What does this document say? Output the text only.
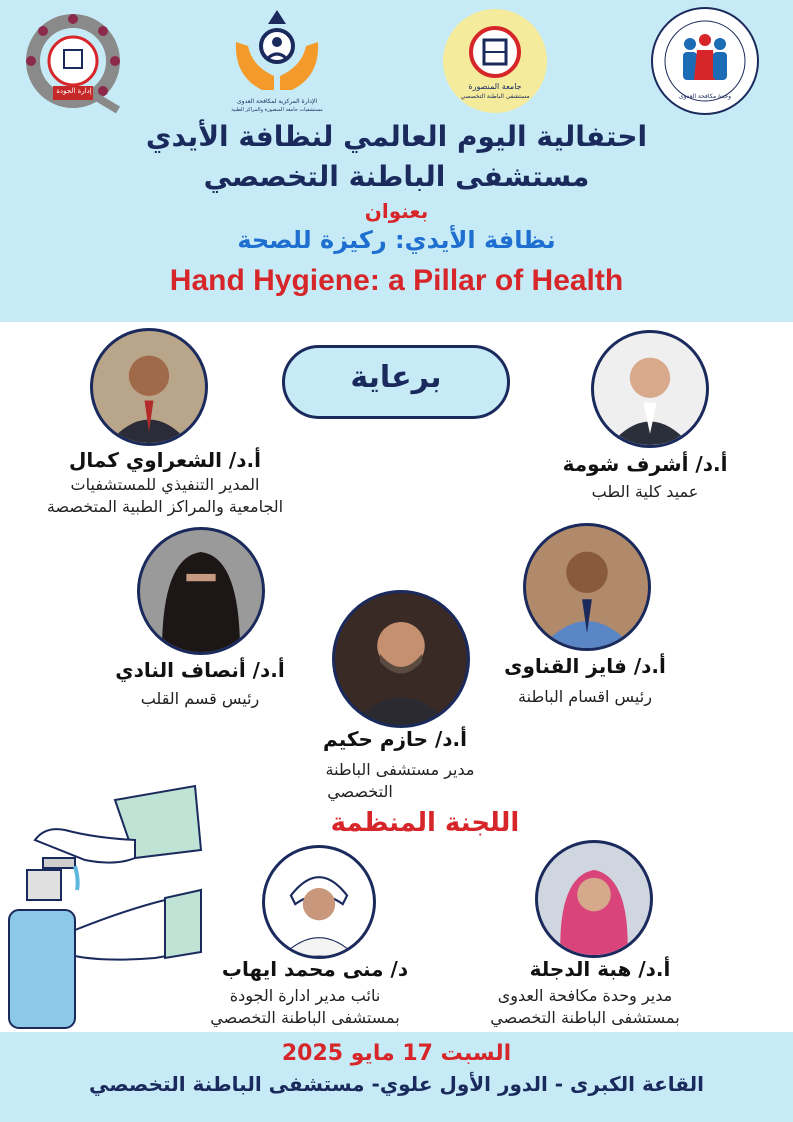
إدارة الجودة
الإدارة المركزية لمكافحة العدوى
مستشفيات جامعة المنصورة والمراكز الطبية
جامعة المنصورة
مستشفى الباطنة التخصصي	وحدة مكافحة العدوى
احتفالية اليوم العالمي لنظافة الأيدي
مستشفى الباطنة التخصصي
بعنوان
نظافة الأيدي: ركيزة للصحة
Hand Hygiene: a Pillar of Health
برعاية
أ.د/ أشرف شومة
عميد كلية الطب
أ.د/ الشعراوي كمال
المدير التنفيذي للمستشفيات
الجامعية والمراكز الطبية المتخصصة
أ.د/ فايز القناوى
رئيس اقسام الباطنة
أ.د/ أنصاف النادي
رئيس قسم القلب
أ.د/ حازم حكيم
مدير مستشفى الباطنة
التخصصي
اللجنة المنظمة
أ.د/ هبة الدجلة
مدير وحدة مكافحة العدوى
بمستشفى الباطنة التخصصي
د/ منى محمد ايهاب
نائب مدير ادارة الجودة
بمستشفى الباطنة التخصصي
السبت 17 مايو 2025
القاعة الكبرى - الدور الأول علوي- مستشفى الباطنة التخصصي
